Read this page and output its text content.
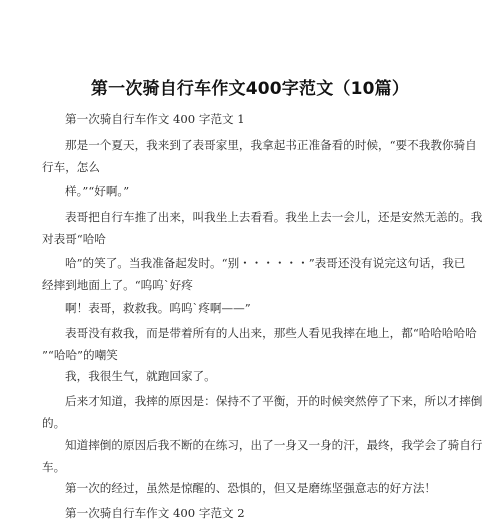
第一次骑自行车作文400字范文（10篇）
第一次骑自行车作文 400 字范文 1
那是一个夏天，我来到了表哥家里，我拿起书正准备看的时候，“要不我教你骑自
行车，怎么
样。”“好啊。”
表哥把自行车推了出来，叫我坐上去看看。我坐上去一会儿，还是安然无恙的。我
对表哥“哈哈
哈”的笑了。当我准备起发时。“别・・・・・・”表哥还没有说完这句话，我已
经摔到地面上了。“呜呜`好疼
啊！表哥，救救我。呜呜`疼啊——”
表哥没有救我，而是带着所有的人出来，那些人看见我摔在地上，都“哈哈哈哈哈
”“哈哈”的嘲笑
我，我很生气，就跑回家了。
后来才知道，我摔的原因是：保持不了平衡，开的时候突然停了下来，所以才摔倒
的。
知道摔倒的原因后我不断的在练习，出了一身又一身的汗，最终，我学会了骑自行
车。
第一次的经过，虽然是惊醒的、恐惧的，但又是磨练坚强意志的好方法！
第一次骑自行车作文 400 字范文 2
